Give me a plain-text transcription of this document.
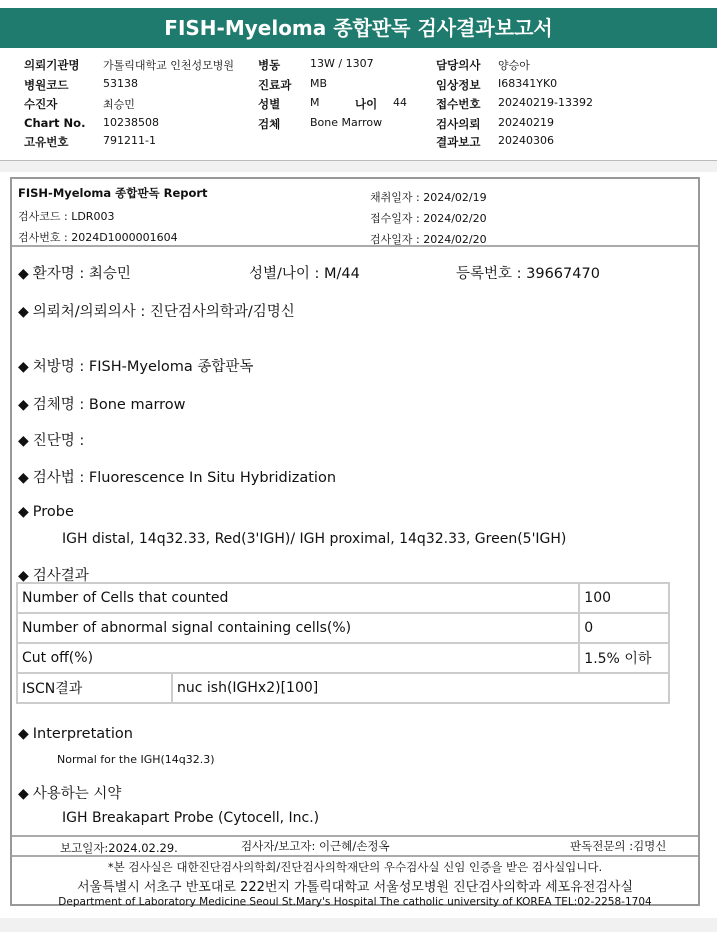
FISH-Myeloma 종합판독 검사결과보고서
의뢰기관명 가톨릭대학교 인천성모병원
병원코드	53138
수진자	최승민
Chart No. 10238508
고유번호	791211-1
병동	13W / 1307
진료과 MB
성별	M	나이 44
검체	Bone Marrow
담당의사 양승아
임상정보 I68341YK0
접수번호 20240219-13392
검사의뢰 20240219
결과보고 20240306
FISH-Myeloma 종합판독 Report
검사코드 : LDR003
검사번호 : 2024D1000001604
채취일자 : 2024/02/19
접수일자 : 2024/02/20
검사일자 : 2024/02/20
◆ 환자명 : 최승민	성별/나이 : M/44	등록번호 : 39667470
◆ 의뢰처/의뢰의사 : 진단검사의학과/김명신
◆ 처방명 : FISH-Myeloma 종합판독
◆ 검체명 : Bone marrow
◆ 진단명 :
◆ 검사법 : Fluorescence In Situ Hybridization
◆ Probe
IGH distal, 14q32.33, Red(3'IGH)/ IGH proximal, 14q32.33, Green(5'IGH)
◆ 검사결과
Number of Cells that counted		100
Number of abnormal signal containing cells(%)		0
Cut off(%)		1.5% 이하
ISCN결과	nuc ish(IGHx2)[100]	
◆ Interpretation
Normal for the IGH(14q32.3)
◆ 사용하는 시약
IGH Breakapart Probe (Cytocell, Inc.)
보고일자:2024.02.29.	검사자/보고자: 이근혜/손정옥	판독전문의 :김명신
*본 검사실은 대한진단검사의학회/진단검사의학재단의 우수검사실 신임 인증을 받은 검사실입니다.
서울특별시 서초구 반포대로 222번지 가톨릭대학교 서울성모병원 진단검사의학과 세포유전검사실
Department of Laboratory Medicine Seoul St.Mary's Hospital The catholic university of KOREA TEL:02-2258-1704
